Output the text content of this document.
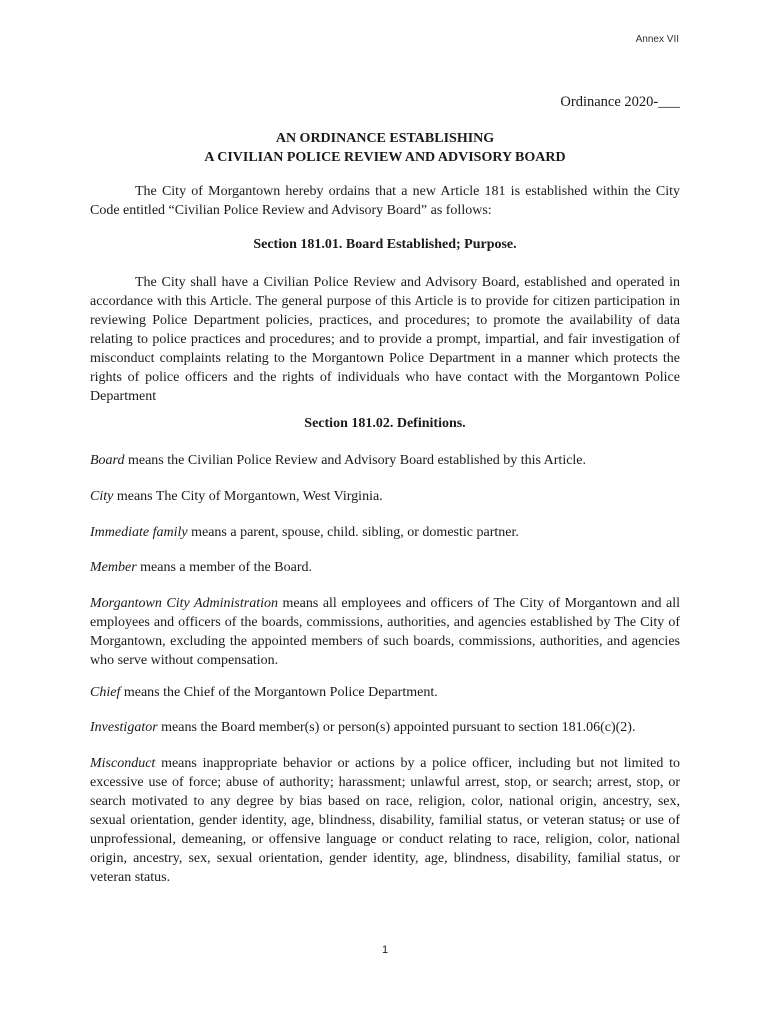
Annex VII
Ordinance 2020-___
AN ORDINANCE ESTABLISHING
A CIVILIAN POLICE REVIEW AND ADVISORY BOARD

The City of Morgantown hereby ordains that a new Article 181 is established within the City Code entitled “Civilian Police Review and Advisory Board” as follows:

Section 181.01. Board Established; Purpose.

The City shall have a Civilian Police Review and Advisory Board, established and operated in accordance with this Article. The general purpose of this Article is to provide for citizen participation in reviewing Police Department policies, practices, and procedures; to promote the availability of data relating to police practices and procedures; and to provide a prompt, impartial, and fair investigation of misconduct complaints relating to the Morgantown Police Department in a manner which protects the rights of police officers and the rights of individuals who have contact with the Morgantown Police Department

Section 181.02. Definitions.

Board means the Civilian Police Review and Advisory Board established by this Article.

City means The City of Morgantown, West Virginia.

Immediate family means a parent, spouse, child. sibling, or domestic partner.

Member means a member of the Board.

Morgantown City Administration means all employees and officers of The City of Morgantown and all employees and officers of the boards, commissions, authorities, and agencies established by The City of Morgantown, excluding the appointed members of such boards, commissions, authorities, and agencies who serve without compensation.

Chief means the Chief of the Morgantown Police Department.

Investigator means the Board member(s) or person(s) appointed pursuant to section 181.06(c)(2).

Misconduct means inappropriate behavior or actions by a police officer, including but not limited to excessive use of force; abuse of authority; harassment; unlawful arrest, stop, or search; arrest, stop, or search motivated to any degree by bias based on race, religion, color, national origin, ancestry, sex, sexual orientation, gender identity, age, blindness, disability, familial status, or veteran status; or use of unprofessional, demeaning, or offensive language or conduct relating to race, religion, color, national origin, ancestry, sex, sexual orientation, gender identity, age, blindness, disability, familial status, or veteran status.

1
